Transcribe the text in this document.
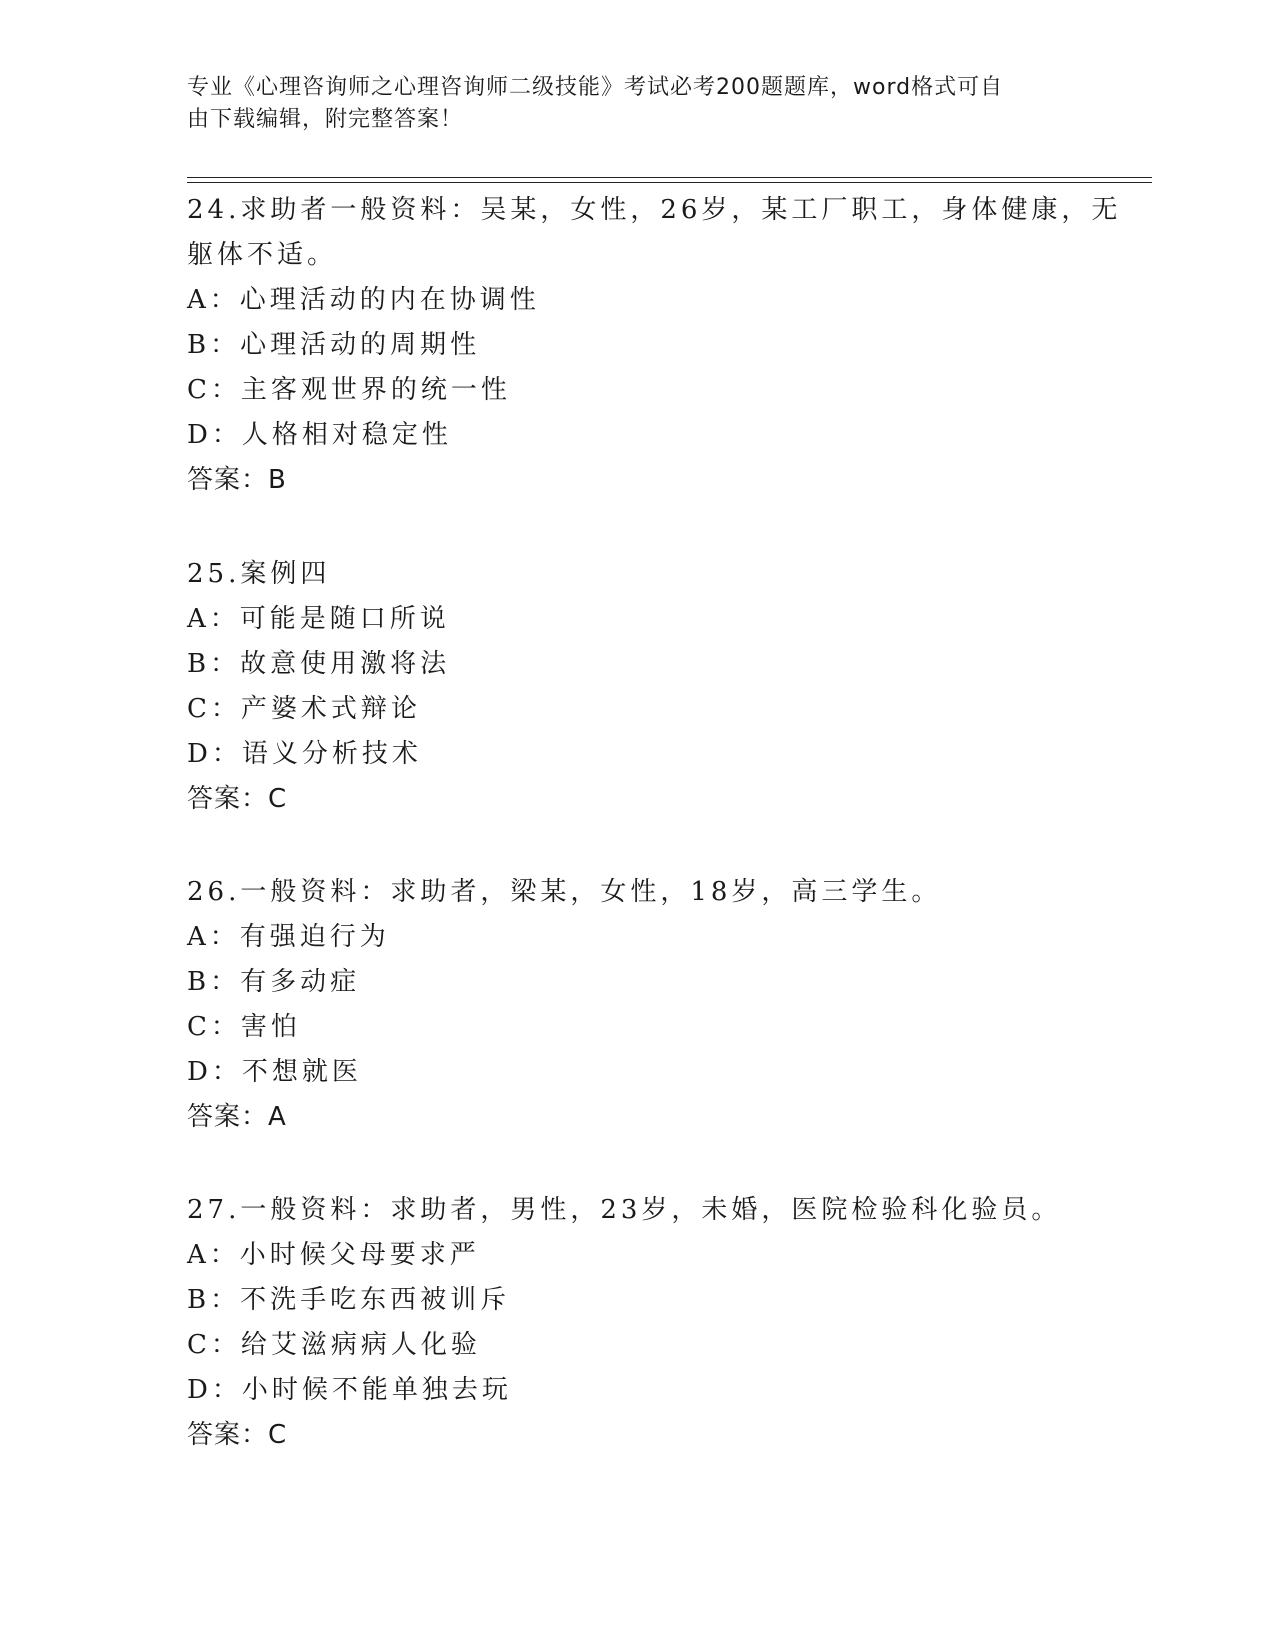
专业《心理咨询师之心理咨询师二级技能》考试必考200题题库，word格式可自
由下载编辑，附完整答案！
24.求助者一般资料：吴某，女性，26岁，某工厂职工，身体健康，无
躯体不适。
A：心理活动的内在协调性
B：心理活动的周期性
C：主客观世界的统一性
D：人格相对稳定性
答案：B
25.案例四
A：可能是随口所说
B：故意使用激将法
C：产婆术式辩论
D：语义分析技术
答案：C
26.一般资料：求助者，梁某，女性，18岁，高三学生。
A：有强迫行为
B：有多动症
C：害怕
D：不想就医
答案：A
27.一般资料：求助者，男性，23岁，未婚，医院检验科化验员。
A：小时候父母要求严
B：不洗手吃东西被训斥
C：给艾滋病病人化验
D：小时候不能单独去玩
答案：C
